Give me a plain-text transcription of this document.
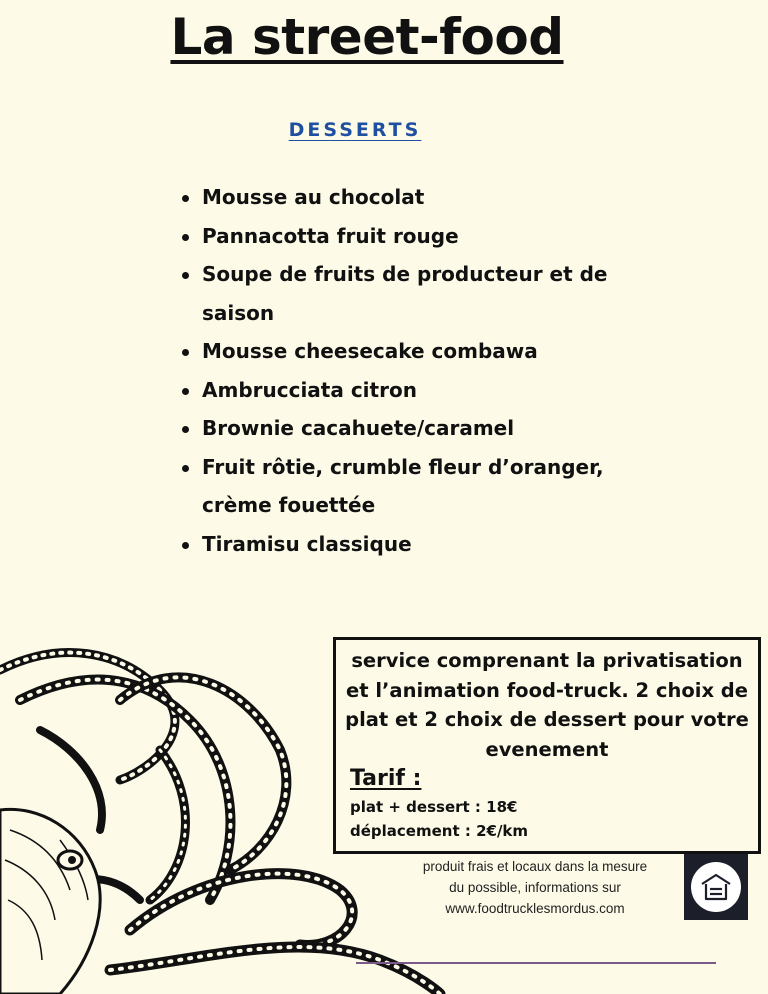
La street-food
DESSERTS
Mousse au chocolat
Pannacotta fruit rouge
Soupe de fruits de producteur et de saison
Mousse cheesecake combawa
Ambrucciata citron
Brownie cacahuete/caramel
Fruit rôtie, crumble fleur d’oranger, crème fouettée
Tiramisu classique
service comprenant la privatisation et l’animation food-truck. 2 choix de plat et 2 choix de dessert pour votre evenement
Tarif :
plat + dessert : 18€
déplacement : 2€/km
produit frais et locaux dans la mesure
du possible, informations sur
www.foodtrucklesmordus.com
